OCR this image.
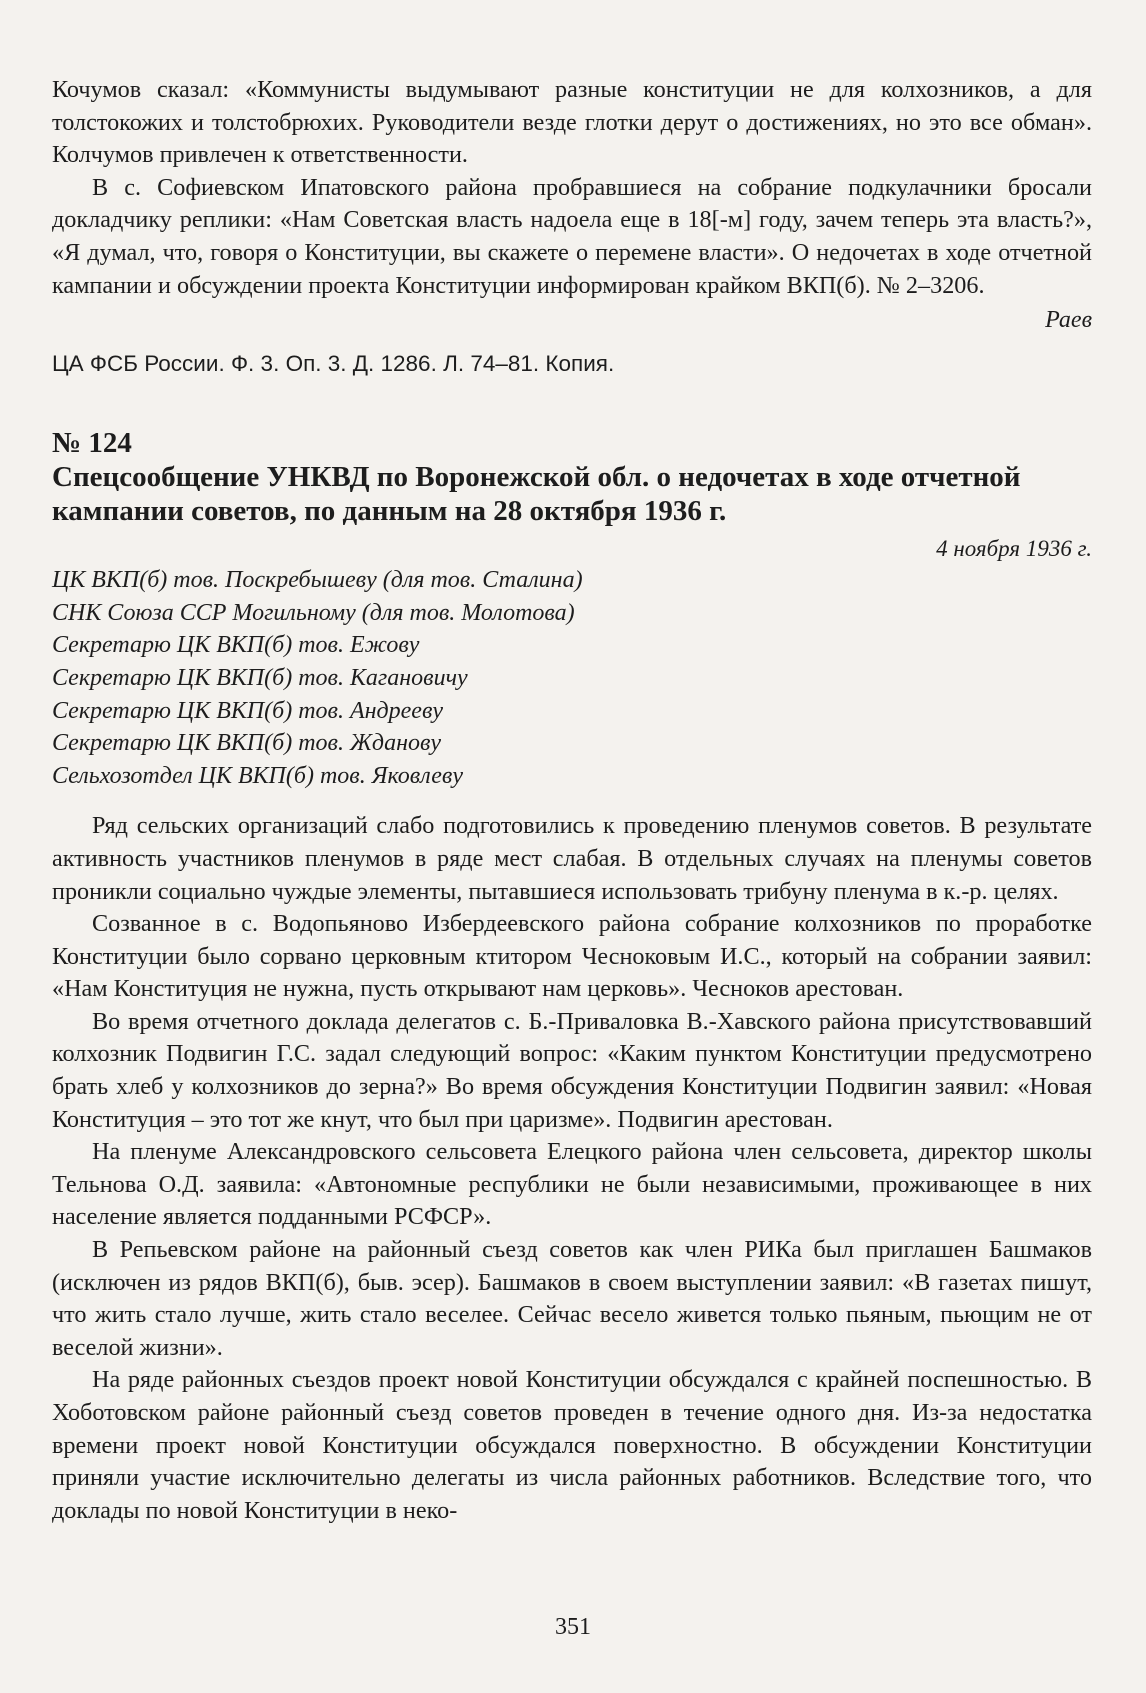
Кочумов сказал: «Коммунисты выдумывают разные конституции не для колхозников, а для толстокожих и толстобрюхих. Руководители везде глотки дерут о достижениях, но это все обман». Колчумов привлечен к ответственности.

В с. Софиевском Ипатовского района пробравшиеся на собрание подкулачники бросали докладчику реплики: «Нам Советская власть надоела еще в 18[-м] году, зачем теперь эта власть?», «Я думал, что, говоря о Конституции, вы скажете о перемене власти». О недочетах в ходе отчетной кампании и обсуждении проекта Конституции информирован крайком ВКП(б). № 2–3206.

Раев

ЦА ФСБ России. Ф. 3. Оп. 3. Д. 1286. Л. 74–81. Копия.

№ 124

Спецсообщение УНКВД по Воронежской обл. о недочетах в ходе отчетной кампании советов, по данным на 28 октября 1936 г.

4 ноября 1936 г.

ЦК ВКП(б) тов. Поскребышеву (для тов. Сталина)
СНК Союза ССР Могильному (для тов. Молотова)
Секретарю ЦК ВКП(б) тов. Ежову
Секретарю ЦК ВКП(б) тов. Кагановичу
Секретарю ЦК ВКП(б) тов. Андрееву
Секретарю ЦК ВКП(б) тов. Жданову
Сельхозотдел ЦК ВКП(б) тов. Яковлеву

Ряд сельских организаций слабо подготовились к проведению пленумов советов. В результате активность участников пленумов в ряде мест слабая. В отдельных случаях на пленумы советов проникли социально чуждые элементы, пытавшиеся использовать трибуну пленума в к.-р. целях.

Созванное в с. Водопьяново Избердеевского района собрание колхозников по проработке Конституции было сорвано церковным ктитором Чесноковым И.С., который на собрании заявил: «Нам Конституция не нужна, пусть открывают нам церковь». Чесноков арестован.

Во время отчетного доклада делегатов с. Б.-Приваловка В.-Хавского района присутствовавший колхозник Подвигин Г.С. задал следующий вопрос: «Каким пунктом Конституции предусмотрено брать хлеб у колхозников до зерна?» Во время обсуждения Конституции Подвигин заявил: «Новая Конституция – это тот же кнут, что был при царизме». Подвигин арестован.

На пленуме Александровского сельсовета Елецкого района член сельсовета, директор школы Тельнова О.Д. заявила: «Автономные республики не были независимыми, проживающее в них население является подданными РСФСР».

В Репьевском районе на районный съезд советов как член РИКа был приглашен Башмаков (исключен из рядов ВКП(б), быв. эсер). Башмаков в своем выступлении заявил: «В газетах пишут, что жить стало лучше, жить стало веселее. Сейчас весело живется только пьяным, пьющим не от веселой жизни».

На ряде районных съездов проект новой Конституции обсуждался с крайней поспешностью. В Хоботовском районе районный съезд советов проведен в течение одного дня. Из-за недостатка времени проект новой Конституции обсуждался поверхностно. В обсуждении Конституции приняли участие исключительно делегаты из числа районных работников. Вследствие того, что доклады по новой Конституции в неко-

351
